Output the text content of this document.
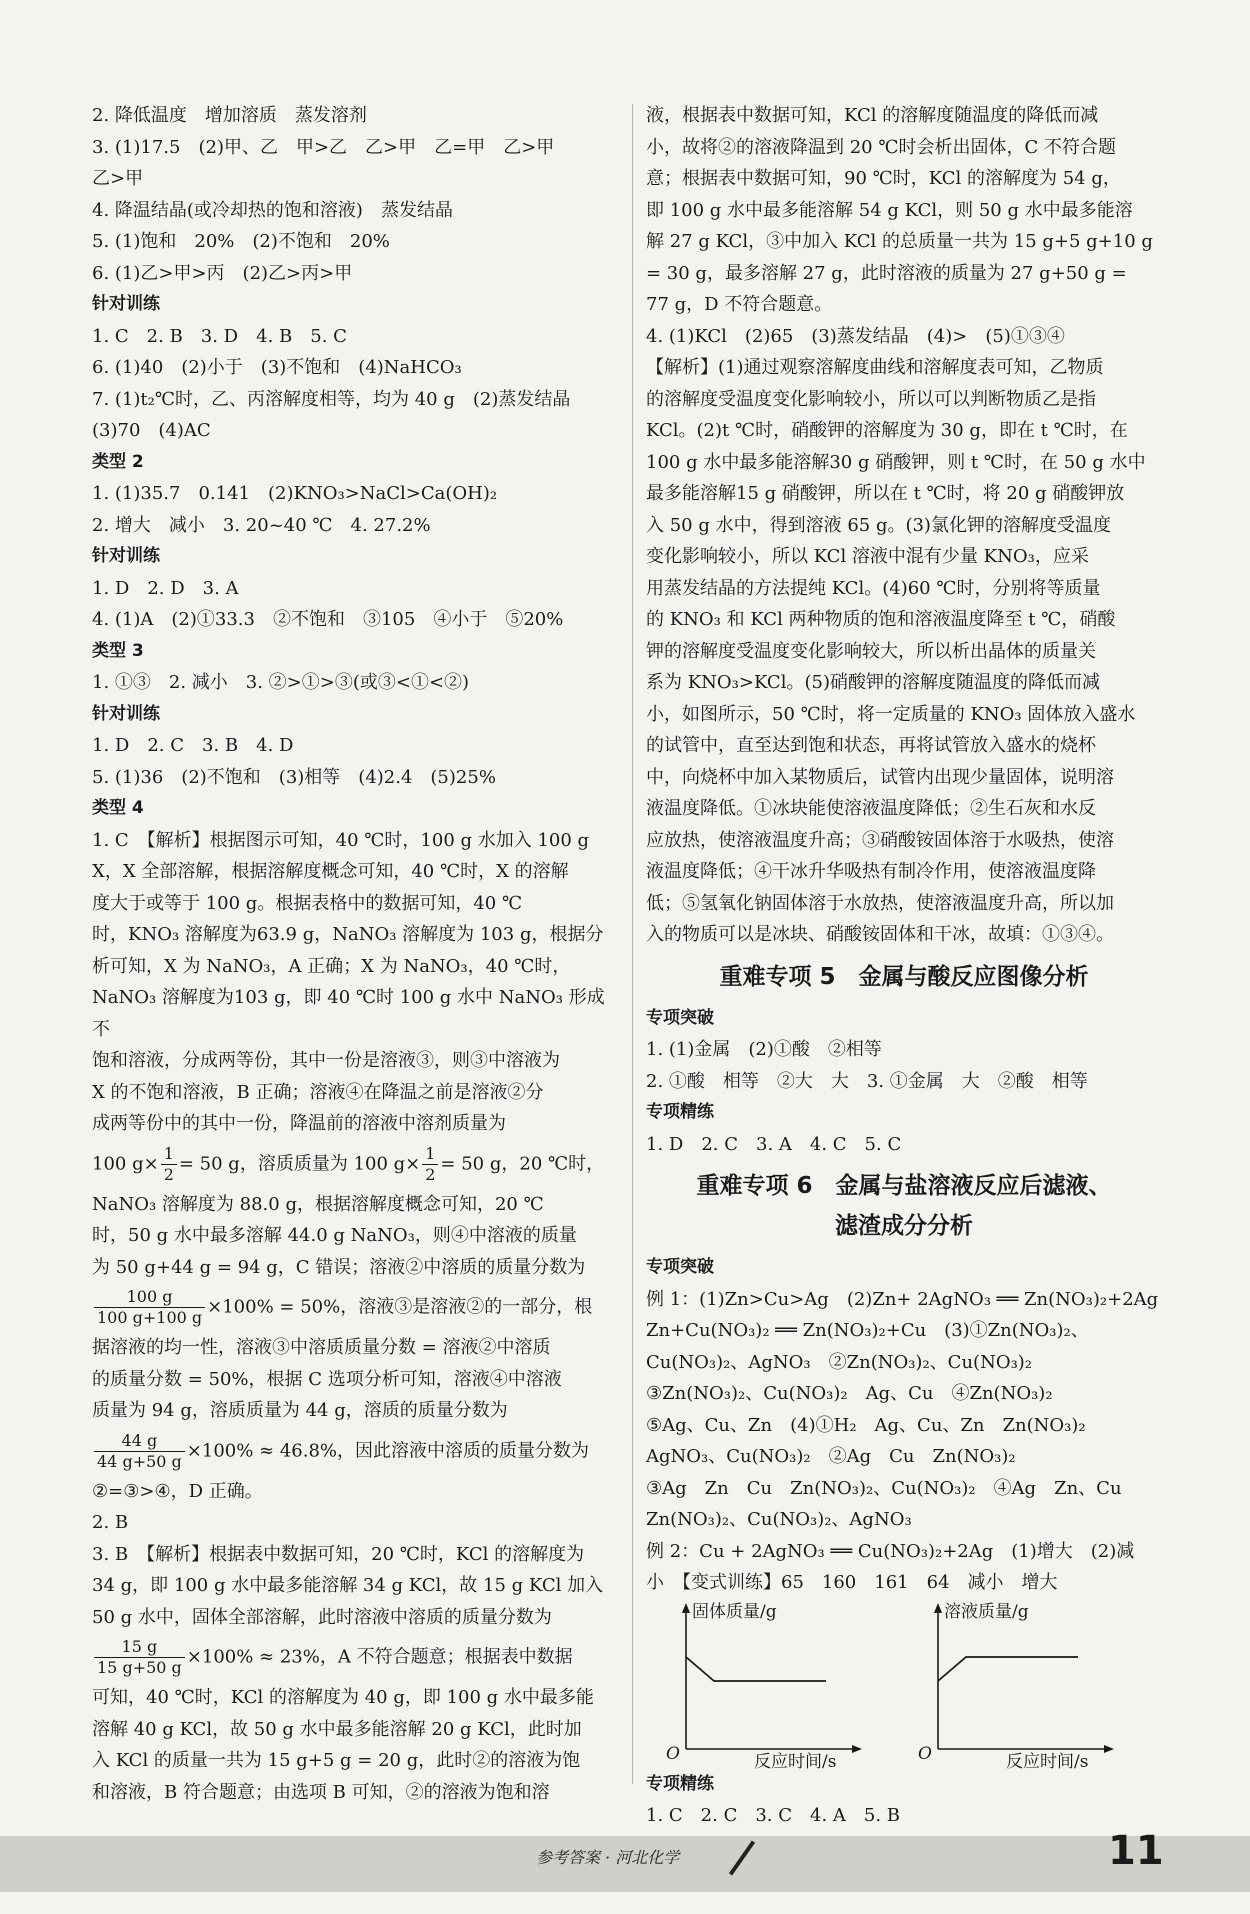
2. 降低温度　增加溶质　蒸发溶剂
3. (1)17.5　(2)甲、乙　甲>乙　乙>甲　乙=甲　乙>甲
乙>甲
4. 降温结晶(或冷却热的饱和溶液)　蒸发结晶
5. (1)饱和　20%　(2)不饱和　20%
6. (1)乙>甲>丙　(2)乙>丙>甲
针对训练
1. C　2. B　3. D　4. B　5. C
6. (1)40　(2)小于　(3)不饱和　(4)NaHCO₃
7. (1)t₂℃时，乙、丙溶解度相等，均为 40 g　(2)蒸发结晶
(3)70　(4)AC
类型 2
1. (1)35.7　0.141　(2)KNO₃>NaCl>Ca(OH)₂
2. 增大　减小　3. 20~40 ℃　4. 27.2%
针对训练
1. D　2. D　3. A
4. (1)A　(2)①33.3　②不饱和　③105　④小于　⑤20%
类型 3
1. ①③　2. 减小　3. ②>①>③(或③<①<②)
针对训练
1. D　2. C　3. B　4. D
5. (1)36　(2)不饱和　(3)相等　(4)2.4　(5)25%
类型 4
1. C　【解析】根据图示可知，40 ℃时，100 g 水加入 100 g
X，X 全部溶解，根据溶解度概念可知，40 ℃时，X 的溶解
度大于或等于 100 g。根据表格中的数据可知，40 ℃
时，KNO₃ 溶解度为63.9 g，NaNO₃ 溶解度为 103 g，根据分
析可知，X 为 NaNO₃，A 正确；X 为 NaNO₃，40 ℃时，
NaNO₃ 溶解度为103 g，即 40 ℃时 100 g 水中 NaNO₃ 形成不
饱和溶液，分成两等份，其中一份是溶液③，则③中溶液为
X 的不饱和溶液，B 正确；溶液④在降温之前是溶液②分
成两等份中的其中一份，降温前的溶液中溶剂质量为
100 $g\times \frac{1}{2} = 50$ g，溶质质量为 100 $g\times \frac{1}{2} = 50$ g，20 ℃时，
NaNO₃ 溶解度为 88.0 g，根据溶解度概念可知，20 ℃
时，50 g 水中最多溶解 44.0 g NaNO₃，则④中溶液的质量
为 50 g+44 g = 94 g，C 错误；溶液②中溶质的质量分数为
$\frac{100 g}{100 g+100 g} \times 100\% = 50\%$，溶液③是溶液②的一部分，根
据溶液的均一性，溶液③中溶质质量分数 = 溶液②中溶质
的质量分数 = 50%，根据 C 选项分析可知，溶液④中溶液
质量为 94 g，溶质质量为 44 g，溶质的质量分数为
$\frac{44 g}{44 g+50 g} \times 100\% \approx 46.8\%$，因此溶液中溶质的质量分数为
②=③>④，D 正确。
2. B
3. B　【解析】根据表中数据可知，20 ℃时，KCl 的溶解度为
34 g，即 100 g 水中最多能溶解 34 g KCl，故 15 g KCl 加入
50 g 水中，固体全部溶解，此时溶液中溶质的质量分数为
$\frac{15 g}{15 g+50 g} \times 100\% \approx 23\%$，A 不符合题意；根据表中数据
可知，40 ℃时，KCl 的溶解度为 40 g，即 100 g 水中最多能
溶解 40 g KCl，故 50 g 水中最多能溶解 20 g KCl，此时加
入 KCl 的质量一共为 15 g+5 g = 20 g，此时②的溶液为饱
和溶液，B 符合题意；由选项 B 可知，②的溶液为饱和溶
液，根据表中数据可知，KCl 的溶解度随温度的降低而减
小，故将②的溶液降温到 20 ℃时会析出固体，C 不符合题
意；根据表中数据可知，90 ℃时，KCl 的溶解度为 54 g，
即 100 g 水中最多能溶解 54 g KCl，则 50 g 水中最多能溶
解 27 g KCl，③中加入 KCl 的总质量一共为 15 g+5 g+10 g
= 30 g，最多溶解 27 g，此时溶液的质量为 27 g+50 g =
77 g，D 不符合题意。
4. (1)KCl　(2)65　(3)蒸发结晶　(4)>　(5)①③④
【解析】(1)通过观察溶解度曲线和溶解度表可知，乙物质
的溶解度受温度变化影响较小，所以可以判断物质乙是指
KCl。(2)t ℃时，硝酸钾的溶解度为 30 g，即在 t ℃时，在
100 g 水中最多能溶解30 g 硝酸钾，则 t ℃时，在 50 g 水中
最多能溶解15 g 硝酸钾，所以在 t ℃时，将 20 g 硝酸钾放
入 50 g 水中，得到溶液 65 g。(3)氯化钾的溶解度受温度
变化影响较小，所以 KCl 溶液中混有少量 KNO₃，应采
用蒸发结晶的方法提纯 KCl。(4)60 ℃时，分别将等质量
的 KNO₃ 和 KCl 两种物质的饱和溶液温度降至 t ℃，硝酸
钾的溶解度受温度变化影响较大，所以析出晶体的质量关
系为 KNO₃>KCl。(5)硝酸钾的溶解度随温度的降低而减
小，如图所示，50 ℃时，将一定质量的 KNO₃ 固体放入盛水
的试管中，直至达到饱和状态，再将试管放入盛水的烧杯
中，向烧杯中加入某物质后，试管内出现少量固体，说明溶
液温度降低。①冰块能使溶液温度降低；②生石灰和水反
应放热，使溶液温度升高；③硝酸铵固体溶于水吸热，使溶
液温度降低；④干冰升华吸热有制冷作用，使溶液温度降
低；⑤氢氧化钠固体溶于水放热，使溶液温度升高，所以加
入的物质可以是冰块、硝酸铵固体和干冰，故填：①③④。
重难专项 5　金属与酸反应图像分析
专项突破
1. (1)金属　(2)①酸　②相等
2. ①酸　相等　②大　大　3. ①金属　大　②酸　相等
专项精练
1. D　2. C　3. A　4. C　5. C
重难专项 6　金属与盐溶液反应后滤液、
滤渣成分分析
专项突破
例 1：(1)Zn>Cu>Ag　(2)Zn+ 2AgNO₃ ══ Zn(NO₃)₂+2Ag
Zn+Cu(NO₃)₂ ══ Zn(NO₃)₂+Cu　(3)①Zn(NO₃)₂、
Cu(NO₃)₂、AgNO₃　②Zn(NO₃)₂、Cu(NO₃)₂
③Zn(NO₃)₂、Cu(NO₃)₂　Ag、Cu　④Zn(NO₃)₂
⑤Ag、Cu、Zn　(4)①H₂　Ag、Cu、Zn　Zn(NO₃)₂
AgNO₃、Cu(NO₃)₂　②Ag　Cu　Zn(NO₃)₂
③Ag　Zn　Cu　Zn(NO₃)₂、Cu(NO₃)₂　④Ag　Zn、Cu
Zn(NO₃)₂、Cu(NO₃)₂、AgNO₃
例 2：Cu + 2AgNO₃ ══ Cu(NO₃)₂+2Ag　(1)增大　(2)减
小　【变式训练】65　160　161　64　减小　增大
固体质量/g
反应时间/s
O
溶液质量/g
反应时间/s
O
专项精练
1. C　2. C　3. C　4. A　5. B
参考答案 · 河北化学	11
